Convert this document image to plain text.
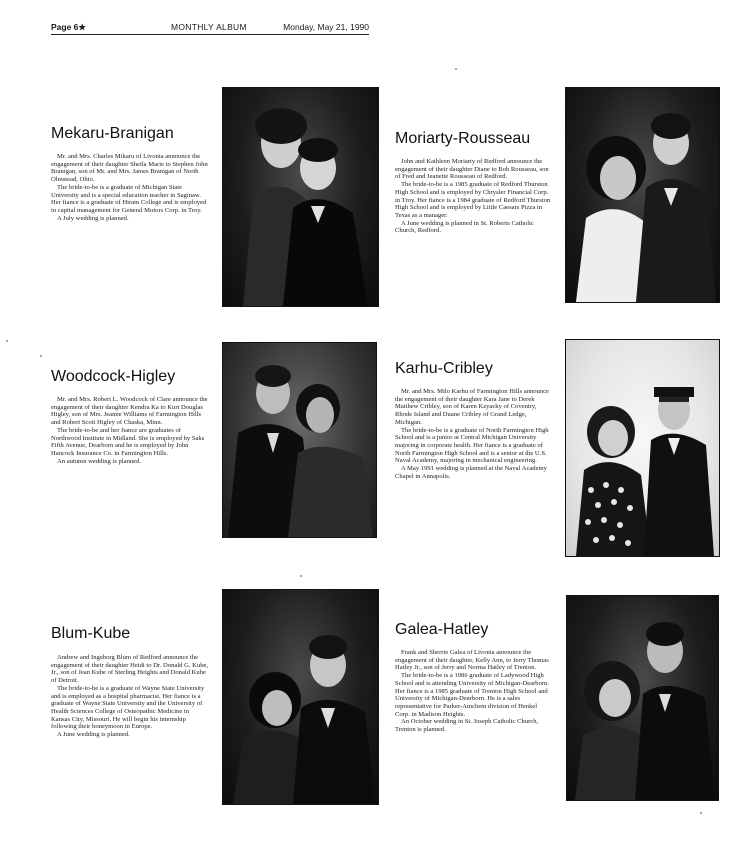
Page 6★	MONTHLY ALBUM	Monday, May 21, 1990
Mekaru-Branigan

Mr. and Mrs. Charles Mikaru of Livonia announce the engagement of their daughter Sheila Marie to Stephen John Branigan, son of Mr. and Mrs. James Branigan of North Olmstead, Ohio.

The bride-to-be is a graduate of Michigan State University and is a special education teacher in Saginaw. Her fiance is a graduate of Hiram College and is employed in capital management for General Motors Corp. in Troy.

A July wedding is planned.

Moriarty-Rousseau

John and Kathleen Moriarty of Redford announce the engagement of their daughter Diane to Bob Rousseau, son of Fred and Jeanette Rousseau of Redford.

The bride-to-be is a 1985 graduate of Redford Thurston High School and is employed by Chrysler Financial Corp. in Troy. Her fiance is a 1984 graduate of Redford Thurston High School and is employed by Little Caesars Pizza in Texas as a manager.

A June wedding is planned in St. Roberts Catholic Church, Redford.

Woodcock-Higley

Mr. and Mrs. Robert L. Woodcock of Clare announce the engagement of their daughter Kendra Ka to Kurt Douglas Higley, son of Mrs. Jeanne Williams of Farmington Hills and Robert Scott Higley of Chaska, Minn.

The bride-to-be and her fiance are graduates of Northwood Institute in Midland. She is employed by Saks Fifth Avenue, Dearborn and he is employed by John Hancock Insurance Co. in Farmington Hills.

An autumn wedding is planned.

Karhu-Cribley

Mr. and Mrs. Milo Karhu of Farmington Hills announce the engagement of their daughter Kara Jane to Derek Matthew Cribley, son of Karen Kzyacky of Coventry, Rhode Island and Duane Cribley of Grand Ledge, Michigan.

The bride-to-be is a graduate of North Farmington High School and is a junior at Central Michigan University majoring in corporate health. Her fiance is a graduate of North Farmington High School and is a senior at the U.S. Naval Academy, majoring in mechanical engineering.

A May 1991 wedding is planned at the Naval Academy Chapel in Annapolis.

Blum-Kube

Andrew and Ingeborg Blum of Redford announce the engagement of their daughter Heidi to Dr. Donald G. Kube, Jr., son of Jean Kube of Sterling Heights and Donald Kube of Detroit.

The bride-to-be is a graduate of Wayne State University and is employed as a hospital pharmacist. Her fiance is a graduate of Wayne State University and the University of Health Sciences College of Osteopathic Medicine in Kansas City, Missouri. He will begin his internship following their honeymoon in Europe.

A June wedding is planned.

Galea-Hatley

Frank and Sherrie Galea of Livonia announce the engagement of their daughter, Kelly Ann, to Jerry Thomas Hatley Jr., son of Jerry and Norma Hatley of Trenton.

The bride-to-be is a 1986 graduate of Ladywood High School and is attending University of Michigan-Dearborn. Her fiance is a 1985 graduate of Trenton High School and University of Michigan-Dearborn. He is a sales representative for Parker-Amchem division of Henkel Corp. in Madison Heights.

An October wedding in St. Joseph Catholic Church, Trenton is planned.
